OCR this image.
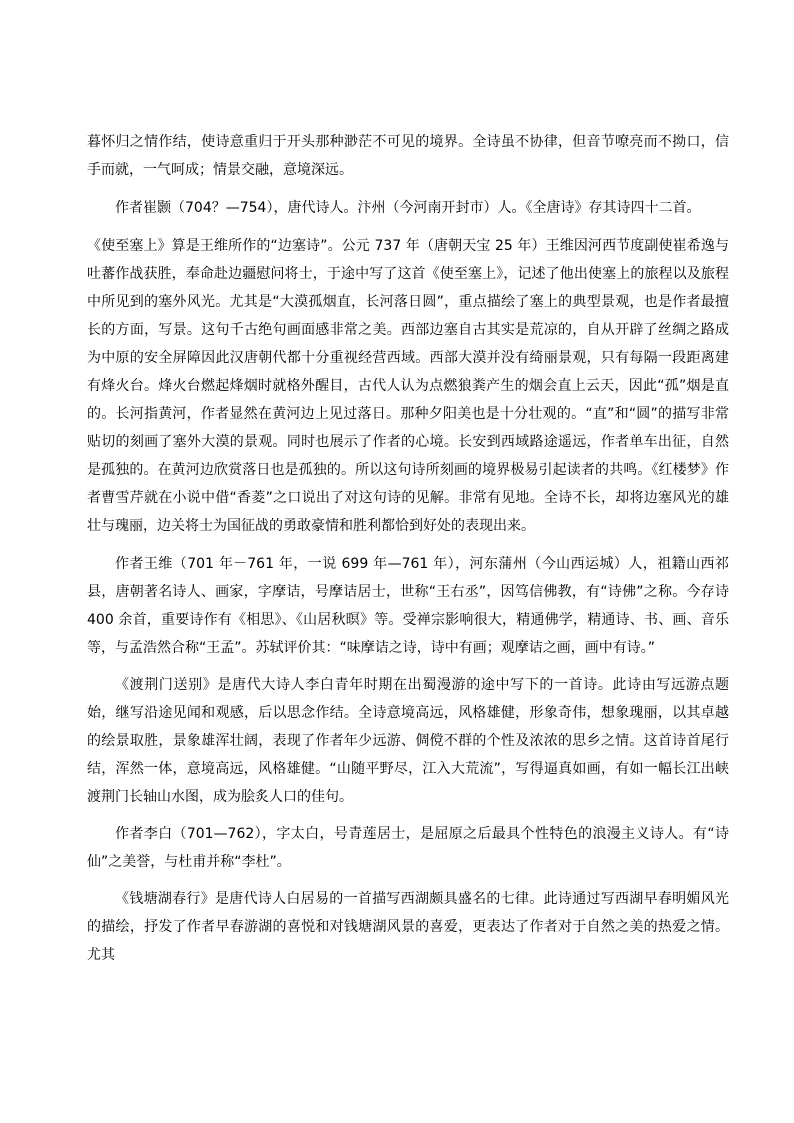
暮怀归之情作结，使诗意重归于开头那种渺茫不可见的境界。全诗虽不协律，但音节嘹亮而不拗口，信手而就，一气呵成；情景交融，意境深远。

作者崔颢（704？—754），唐代诗人。汴州（今河南开封市）人。《全唐诗》存其诗四十二首。

《使至塞上》算是王维所作的“边塞诗”。公元 737 年（唐朝天宝 25 年）王维因河西节度副使崔希逸与吐蕃作战获胜，奉命赴边疆慰问将士，于途中写了这首《使至塞上》，记述了他出使塞上的旅程以及旅程中所见到的塞外风光。尤其是“大漠孤烟直，长河落日圆”，重点描绘了塞上的典型景观，也是作者最擅长的方面，写景。这句千古绝句画面感非常之美。西部边塞自古其实是荒凉的，自从开辟了丝绸之路成为中原的安全屏障因此汉唐朝代都十分重视经营西域。西部大漠并没有绮丽景观，只有每隔一段距离建有烽火台。烽火台燃起烽烟时就格外醒目，古代人认为点燃狼粪产生的烟会直上云天，因此“孤”烟是直的。长河指黄河，作者显然在黄河边上见过落日。那种夕阳美也是十分壮观的。“直”和“圆”的描写非常贴切的刻画了塞外大漠的景观。同时也展示了作者的心境。长安到西域路途遥远，作者单车出征，自然是孤独的。在黄河边欣赏落日也是孤独的。所以这句诗所刻画的境界极易引起读者的共鸣。《红楼梦》作者曹雪芹就在小说中借“香菱”之口说出了对这句诗的见解。非常有见地。全诗不长，却将边塞风光的雄壮与瑰丽，边关将士为国征战的勇敢豪情和胜利都恰到好处的表现出来。

作者王维（701 年－761 年，一说 699 年—761 年），河东蒲州（今山西运城）人，祖籍山西祁县，唐朝著名诗人、画家，字摩诘，号摩诘居士，世称“王右丞”，因笃信佛教，有“诗佛”之称。今存诗 400 余首，重要诗作有《相思》、《山居秋暝》等。受禅宗影响很大，精通佛学，精通诗、书、画、音乐等，与孟浩然合称“王孟”。苏轼评价其：“味摩诘之诗，诗中有画；观摩诘之画，画中有诗。”

《渡荆门送别》是唐代大诗人李白青年时期在出蜀漫游的途中写下的一首诗。此诗由写远游点题始，继写沿途见闻和观感，后以思念作结。全诗意境高远，风格雄健，形象奇伟，想象瑰丽，以其卓越的绘景取胜，景象雄浑壮阔，表现了作者年少远游、倜傥不群的个性及浓浓的思乡之情。这首诗首尾行结，浑然一体，意境高远，风格雄健。“山随平野尽，江入大荒流”，写得逼真如画，有如一幅长江出峡渡荆门长轴山水图，成为脍炙人口的佳句。

作者李白（701—762），字太白，号青莲居士，是屈原之后最具个性特色的浪漫主义诗人。有“诗仙”之美誉，与杜甫并称“李杜”。

《钱塘湖春行》是唐代诗人白居易的一首描写西湖颇具盛名的七律。此诗通过写西湖早春明媚风光的描绘，抒发了作者早春游湖的喜悦和对钱塘湖风景的喜爱，更表达了作者对于自然之美的热爱之情。尤其
